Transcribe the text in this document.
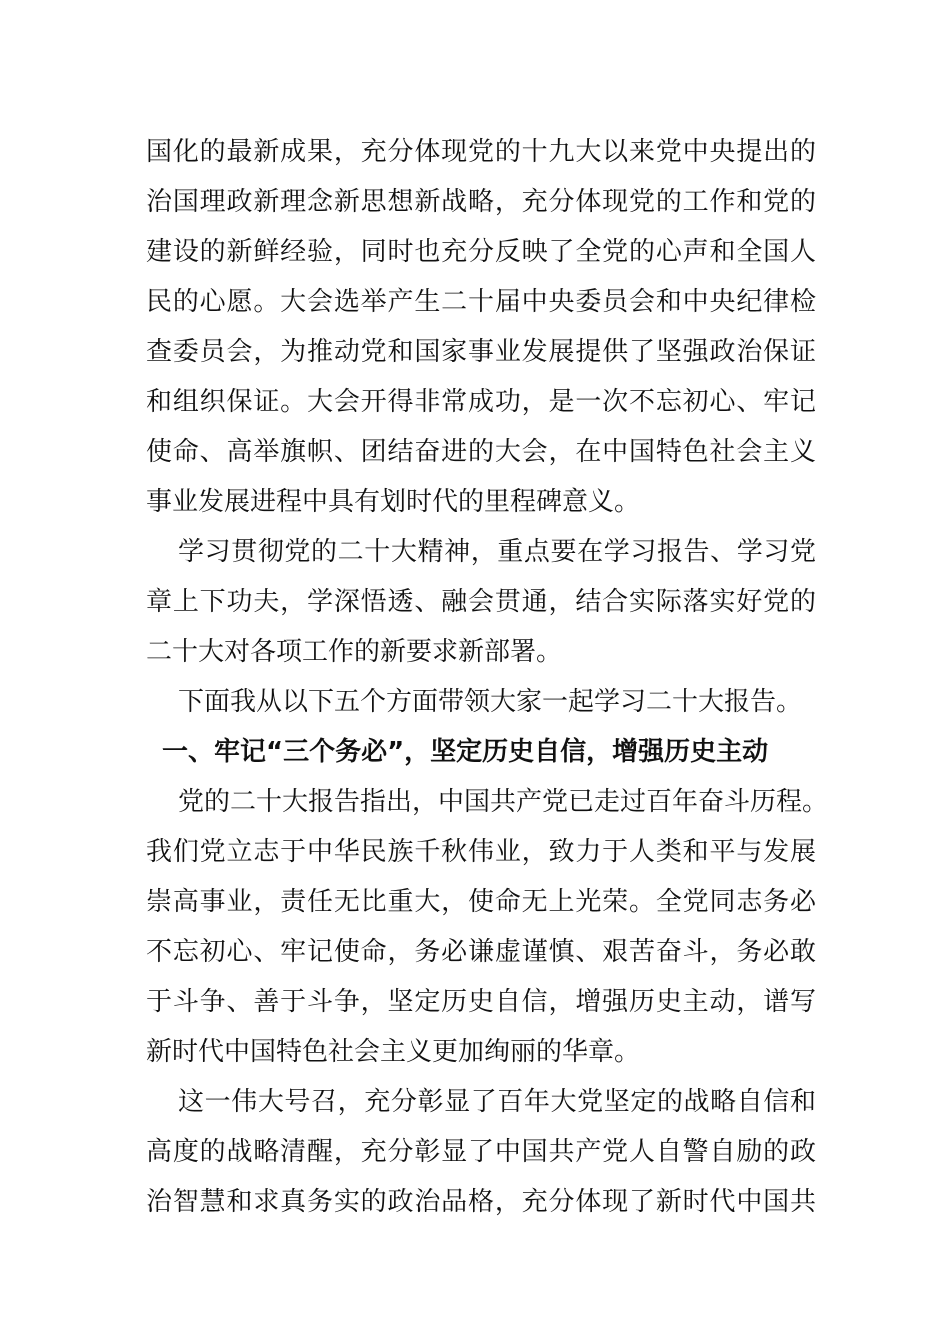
国化的最新成果，充分体现党的十九大以来党中央提出的
治国理政新理念新思想新战略，充分体现党的工作和党的
建设的新鲜经验，同时也充分反映了全党的心声和全国人
民的心愿。大会选举产生二十届中央委员会和中央纪律检
查委员会，为推动党和国家事业发展提供了坚强政治保证
和组织保证。大会开得非常成功，是一次不忘初心、牢记
使命、高举旗帜、团结奋进的大会，在中国特色社会主义
事业发展进程中具有划时代的里程碑意义。
学习贯彻党的二十大精神，重点要在学习报告、学习党
章上下功夫，学深悟透、融会贯通，结合实际落实好党的
二十大对各项工作的新要求新部署。
下面我从以下五个方面带领大家一起学习二十大报告。
一、牢记“三个务必”，坚定历史自信，增强历史主动
党的二十大报告指出，中国共产党已走过百年奋斗历程。
我们党立志于中华民族千秋伟业，致力于人类和平与发展
崇高事业，责任无比重大，使命无上光荣。全党同志务必
不忘初心、牢记使命，务必谦虚谨慎、艰苦奋斗，务必敢
于斗争、善于斗争，坚定历史自信，增强历史主动，谱写
新时代中国特色社会主义更加绚丽的华章。
这一伟大号召，充分彰显了百年大党坚定的战略自信和
高度的战略清醒，充分彰显了中国共产党人自警自励的政
治智慧和求真务实的政治品格，充分体现了新时代中国共
